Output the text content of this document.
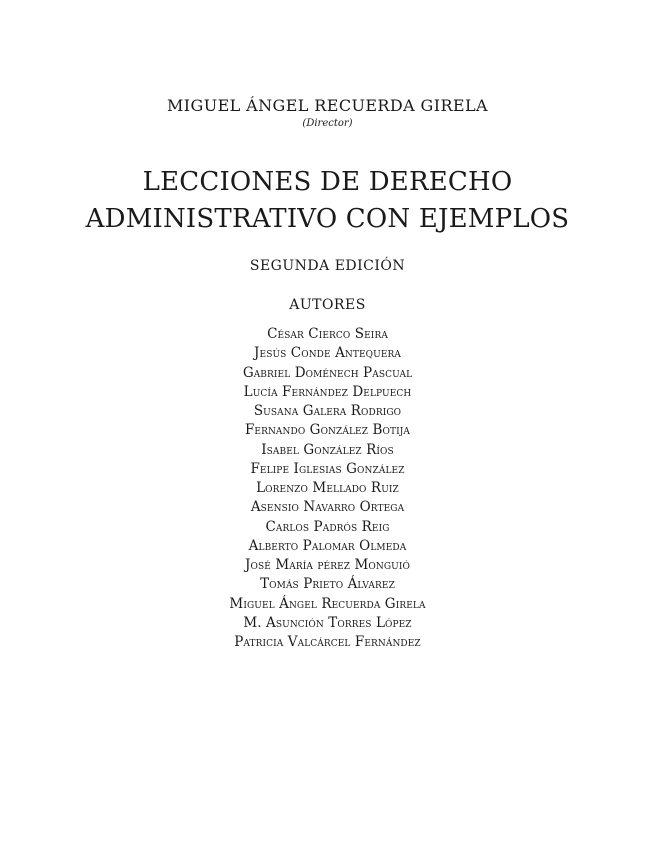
MIGUEL ÁNGEL RECUERDA GIRELA
(Director)
LECCIONES DE DERECHO
ADMINISTRATIVO CON EJEMPLOS
SEGUNDA EDICIÓN
AUTORES
César Cierco Seira
Jesús Conde Antequera
Gabriel Doménech Pascual
Lucía Fernández Delpuech
Susana Galera Rodrigo
Fernando González Botija
Isabel González Ríos
Felipe Iglesias González
Lorenzo Mellado Ruiz
Asensio Navarro Ortega
Carlos Padrós Reig
Alberto Palomar Olmeda
José María pérez Monguió
Tomás Prieto Álvarez
Miguel Ángel Recuerda Girela
M. Asunción Torres López
Patricia Valcárcel Fernández
